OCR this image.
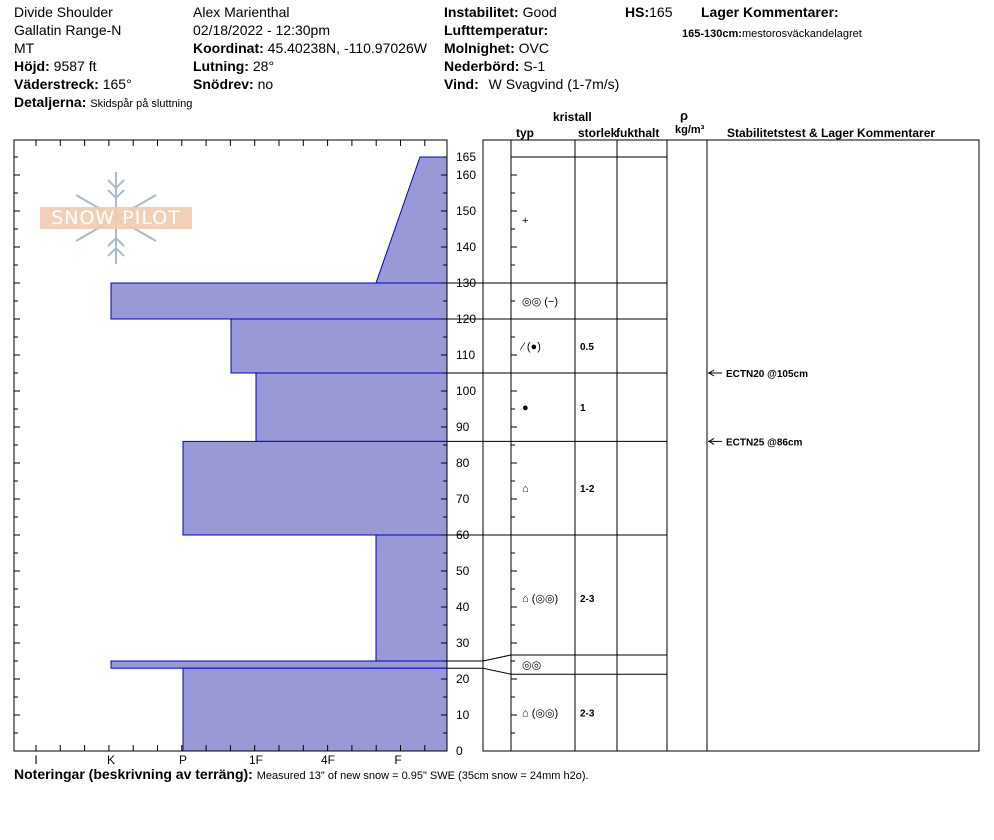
Divide Shoulder
Gallatin Range-N
MT
Höjd: 9587 ft
Väderstreck: 165°
Detaljerna: Skidspår på sluttning
Alex Marienthal
02/18/2022 - 12:30pm
Koordinat: 45.40238N, -110.97026W
Lutning: 28°
Snödrev: no
Instabilitet: Good
Lufttemperatur:
Molnighet: OVC
Nederbörd: S-1
Vind: W Svagvind (1-7m/s)
HS:165 Lager Kommentarer:
165-130cm:mestorosväckandelagret
kristall
typ	storlek
fukthalt
ρ
kg/m³ Stabilitetstest & Lager Kommentarer
SNOW PILOT
0
10
20
30
40
50
60
70
80
90
100
110
120
130
140
150
160
165
I	K	P	1F	4F	F
+
◎◎ (−)
⁄ (●)	0.5
●	1
⌂	1-2
⌂ (◎◎) 2-3
◎◎
⌂ (◎◎) 2-3
ECTN20 @105cm
ECTN25 @86cm
Noteringar (beskrivning av terräng): Measured 13" of new snow = 0.95" SWE (35cm snow = 24mm h2o).
